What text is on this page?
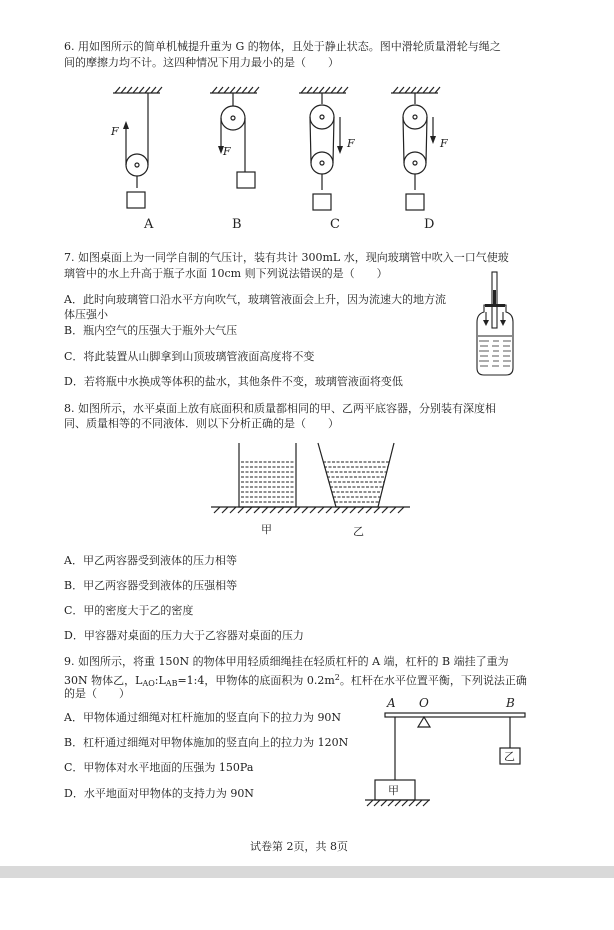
6. 用如图所示的简单机械提升重为 G 的物体，且处于静止状态。图中滑轮质量滑轮与绳之
间的摩擦力均不计。这四种情况下用力最小的是（　　）
F
F
F	F
A	B	C	D
7. 如图桌面上为一同学自制的气压计，装有共计 300mL 水，现向玻璃管中吹入一口气使玻
璃管中的水上升高于瓶子水面 10cm 则下列说法错误的是（　　）
A．此时向玻璃管口沿水平方向吹气，玻璃管液面会上升，因为流速大的地方流
体压强小
B．瓶内空气的压强大于瓶外大气压
C．将此装置从山脚拿到山顶玻璃管液面高度将不变
D．若将瓶中水换成等体积的盐水，其他条件不变，玻璃管液面将变低
8. 如图所示，水平桌面上放有底面积和质量都相同的甲、乙两平底容器，分别装有深度相
同、质量相等的不同液体．则以下分析正确的是（　　）
甲	乙
A．甲乙两容器受到液体的压力相等
B．甲乙两容器受到液体的压强相等
C．甲的密度大于乙的密度
D．甲容器对桌面的压力大于乙容器对桌面的压力
9. 如图所示，将重 150N 的物体甲用轻质细绳挂在轻质杠杆的 A 端，杠杆的 B 端挂了重为
30N 物体乙，$L_{AO}:L_{AB}=1:4$，甲物体的底面积为 $0.2m^2$。杠杆在水平位置平衡，下列说法正确
的是（　　）
A．甲物体通过细绳对杠杆施加的竖直向下的拉力为 90N
B．杠杆通过细绳对甲物体施加的竖直向上的拉力为 120N
C．甲物体对水平地面的压强为 150Pa
D．水平地面对甲物体的支持力为 90N
A O	B
乙
甲
试卷第 2页，共 8页
